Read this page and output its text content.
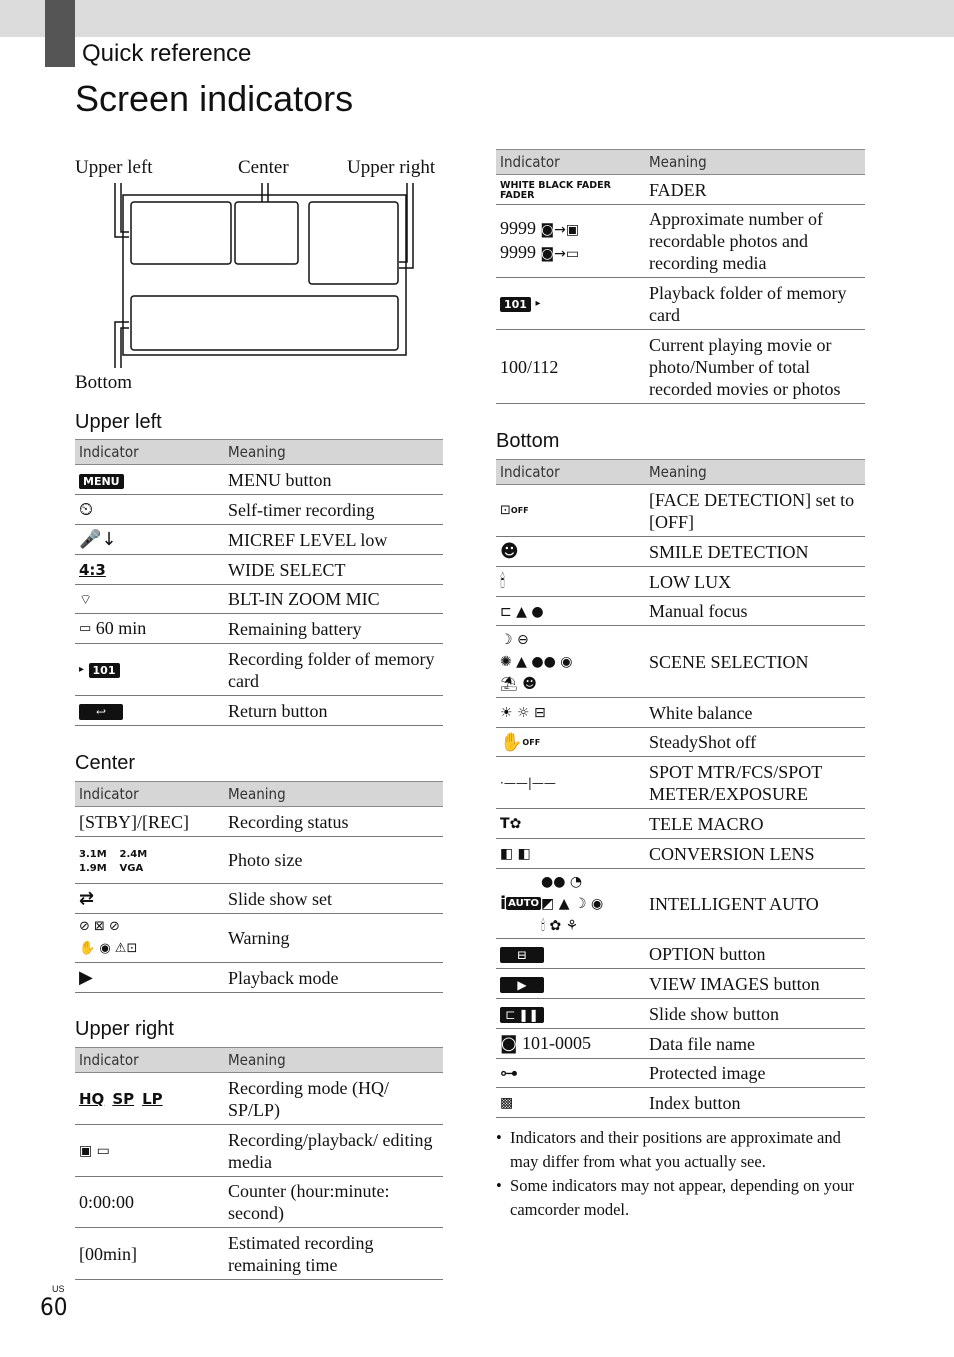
Quick reference
Screen indicators
Upper left	Center	Upper right
Bottom
Upper left
Indicator	Meaning
MENU	MENU button
⏲	Self-timer recording
🎤↓	MICREF LEVEL low
4:3	WIDE SELECT
⌔	BLT-IN ZOOM MIC
▭ 60 min	Remaining battery
▸ 101	Recording folder of memory card
↩	Return button
Center
Indicator	Meaning
[STBY]/[REC]	Recording status
3.1M 2.4M
1.9M VGA	Photo size
⇄	Slide show set
⊘ ⊠ ⊘
✋ ◉ ⚠⊡	Warning
▶	Playback mode
Upper right
Indicator	Meaning
HQ SP LP	Recording mode (HQ/ SP/LP)
▣ ▭	Recording/playback/ editing media
0:00:00	Counter (hour:minute: second)
[00min]	Estimated recording remaining time
Indicator	Meaning
WHITE BLACK FADER FADER	FADER
9999 ◙→▣
9999 ◙→▭	Approximate number of recordable photos and recording media
101 ▸	Playback folder of memory card
100/112	Current playing movie or photo/Number of total recorded movies or photos
Bottom
Indicator	Meaning
⊡OFF	[FACE DETECTION] set to [OFF]
☻	SMILE DETECTION
🕯	LOW LUX
⊏ ▲ ●	Manual focus
☽ ⊖
✺ ▲ ●● ◉
⛱ ☻	SCENE SELECTION
☀ ☼ ⊟	White balance
✋OFF	SteadyShot off
·——|——	SPOT MTR/FCS/SPOT METER/EXPOSURE
T✿	TELE MACRO
◧ ◧	CONVERSION LENS
i AUTO●● ◔
◩ ▲ ☽ ◉
🕯 ✿ ⚘	INTELLIGENT AUTO
⊟	OPTION button
▶	VIEW IMAGES button
⊏ ❚❚	Slide show button
◙ 101-0005	Data file name
⊶	Protected image
▩	Index button
•  Indicators and their positions are approximate and may differ from what you actually see.
•  Some indicators may not appear, depending on your camcorder model.
US
60
